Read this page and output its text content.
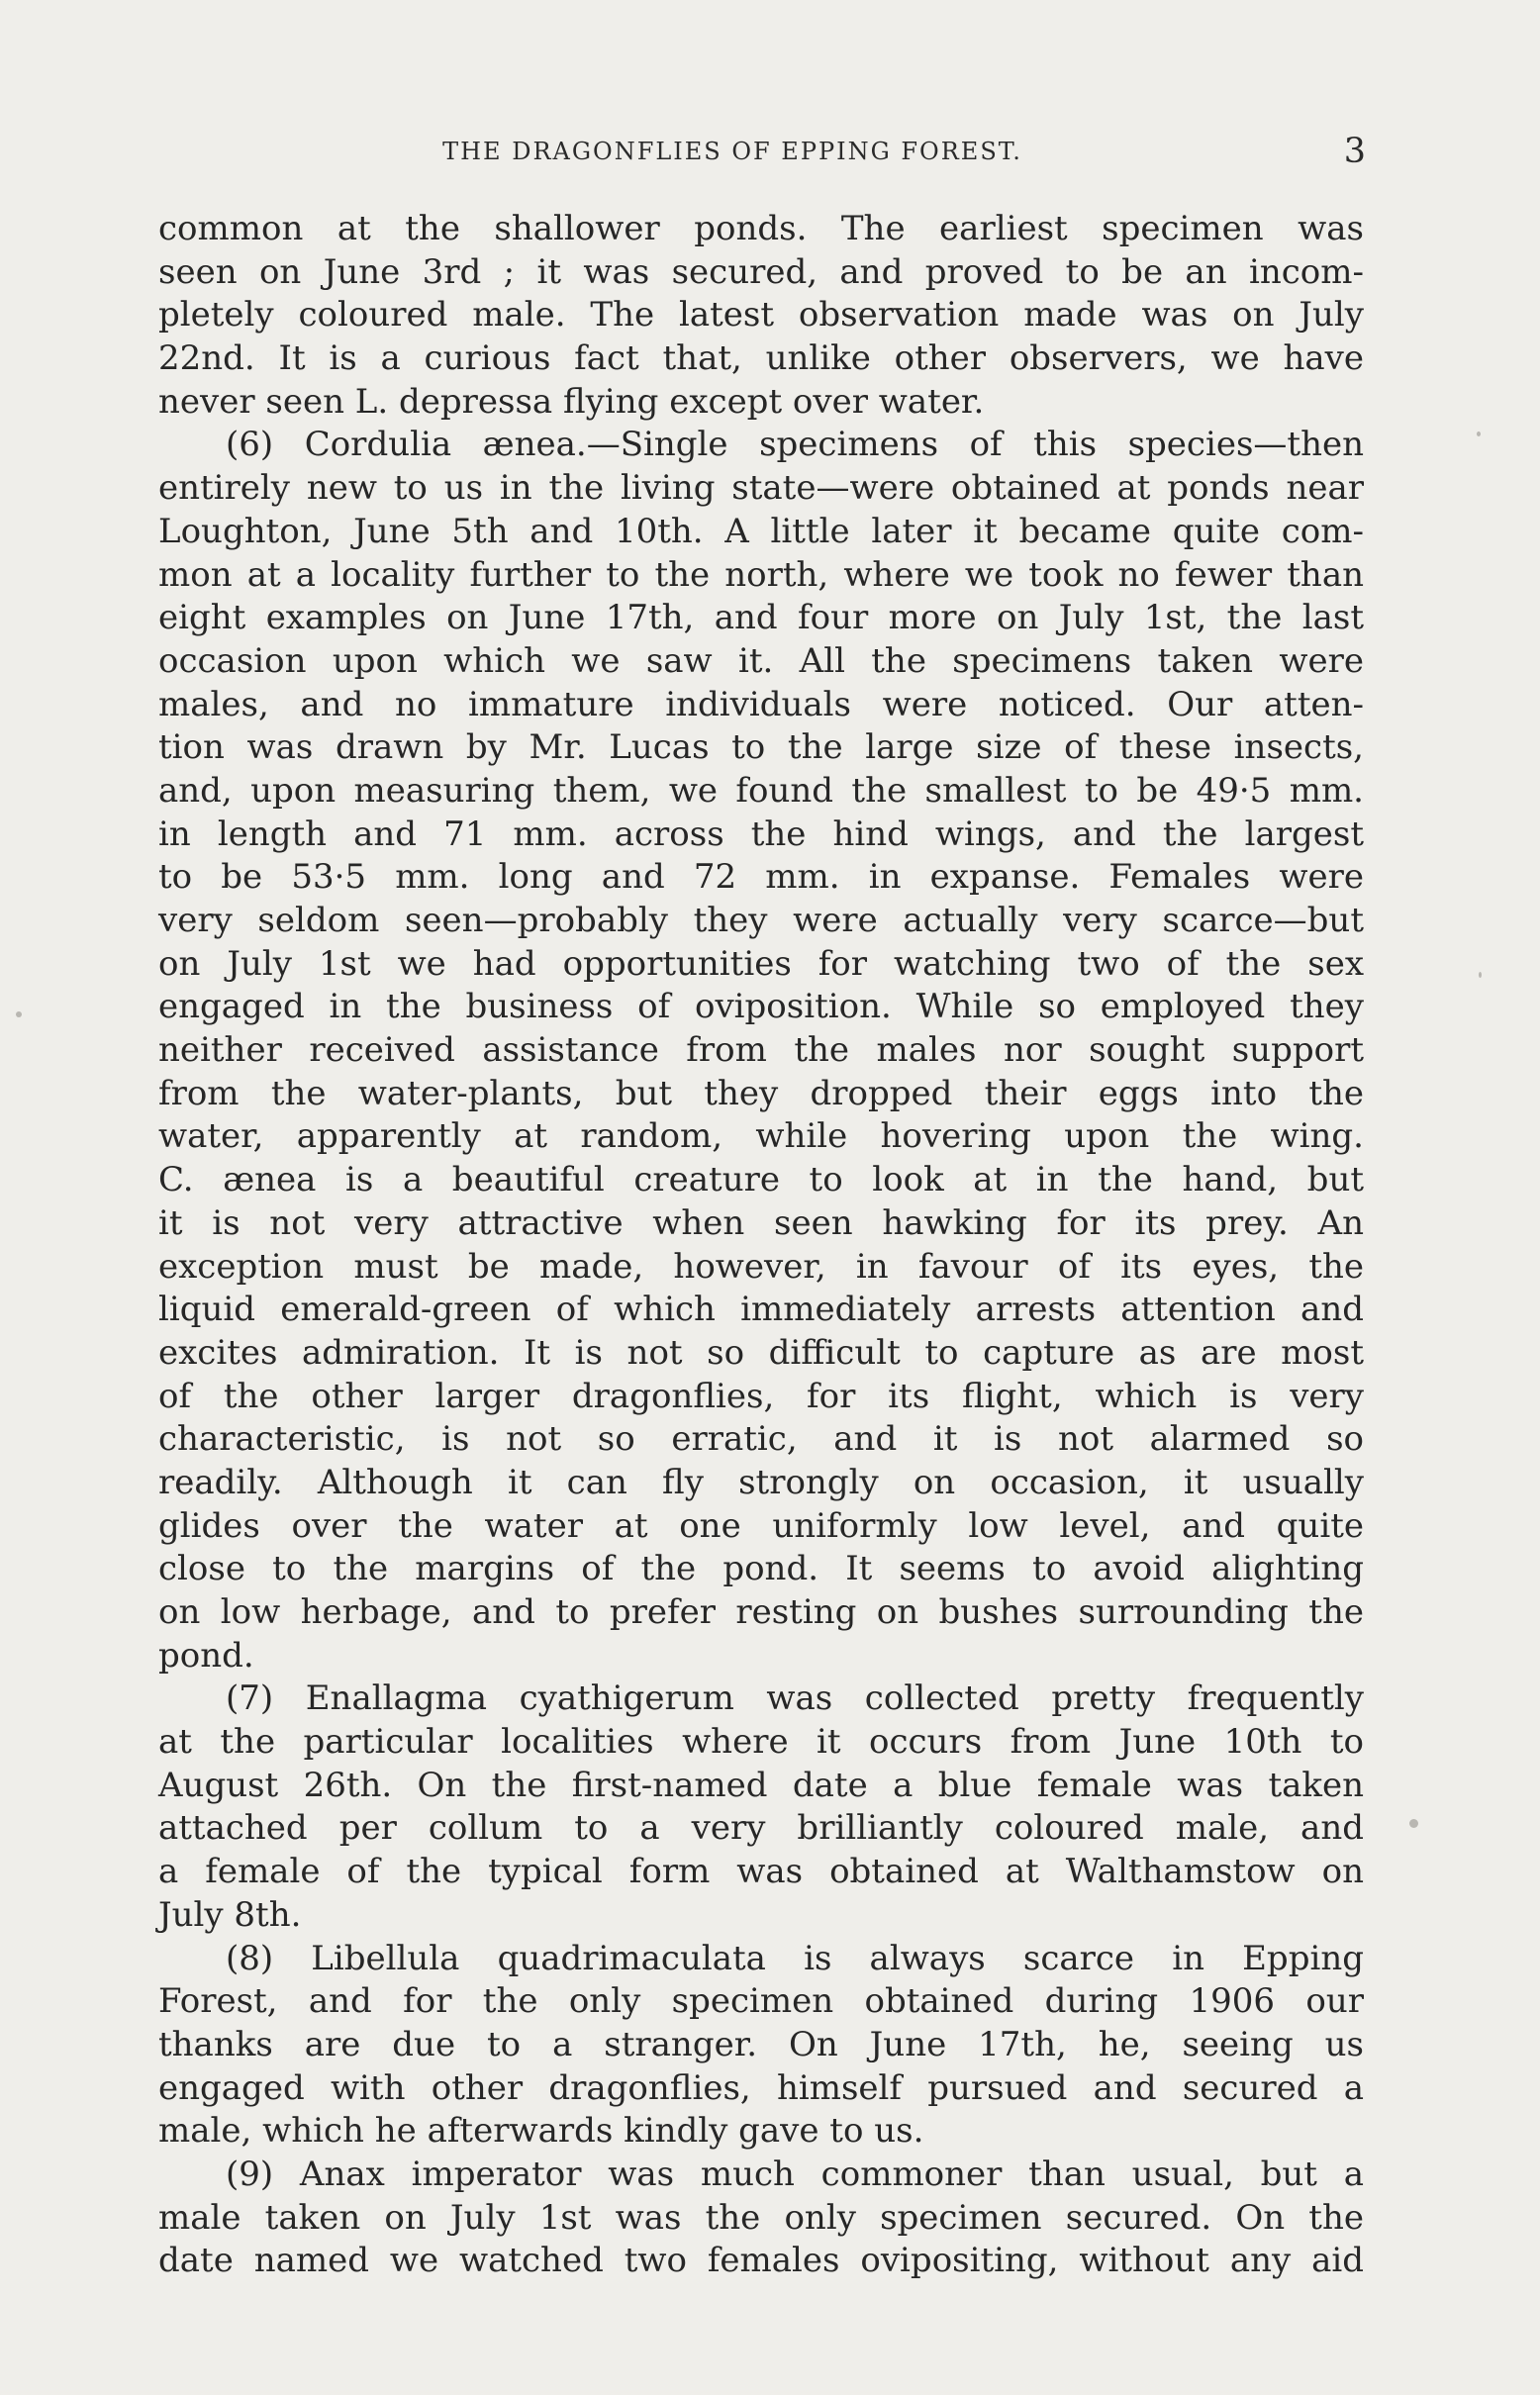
THE DRAGONFLIES OF EPPING FOREST.	3
common at the shallower ponds. The earliest specimen was
seen on June 3rd ; it was secured, and proved to be an incom-
pletely coloured male. The latest observation made was on July
22nd. It is a curious fact that, unlike other observers, we have
never seen L. depressa flying except over water.
(6) Cordulia ænea.—Single specimens of this species—then
entirely new to us in the living state—were obtained at ponds near
Loughton, June 5th and 10th. A little later it became quite com-
mon at a locality further to the north, where we took no fewer than
eight examples on June 17th, and four more on July 1st, the last
occasion upon which we saw it. All the specimens taken were
males, and no immature individuals were noticed. Our atten-
tion was drawn by Mr. Lucas to the large size of these insects,
and, upon measuring them, we found the smallest to be 49·5 mm.
in length and 71 mm. across the hind wings, and the largest
to be 53·5 mm. long and 72 mm. in expanse. Females were
very seldom seen—probably they were actually very scarce—but
on July 1st we had opportunities for watching two of the sex
engaged in the business of oviposition. While so employed they
neither received assistance from the males nor sought support
from the water-plants, but they dropped their eggs into the
water, apparently at random, while hovering upon the wing.
C. ænea is a beautiful creature to look at in the hand, but
it is not very attractive when seen hawking for its prey. An
exception must be made, however, in favour of its eyes, the
liquid emerald-green of which immediately arrests attention and
excites admiration. It is not so difficult to capture as are most
of the other larger dragonflies, for its flight, which is very
characteristic, is not so erratic, and it is not alarmed so
readily. Although it can fly strongly on occasion, it usually
glides over the water at one uniformly low level, and quite
close to the margins of the pond. It seems to avoid alighting
on low herbage, and to prefer resting on bushes surrounding the
pond.
(7) Enallagma cyathigerum was collected pretty frequently
at the particular localities where it occurs from June 10th to
August 26th. On the first-named date a blue female was taken
attached per collum to a very brilliantly coloured male, and
a female of the typical form was obtained at Walthamstow on
July 8th.
(8) Libellula quadrimaculata is always scarce in Epping
Forest, and for the only specimen obtained during 1906 our
thanks are due to a stranger. On June 17th, he, seeing us
engaged with other dragonflies, himself pursued and secured a
male, which he afterwards kindly gave to us.
(9) Anax imperator was much commoner than usual, but a
male taken on July 1st was the only specimen secured. On the
date named we watched two females ovipositing, without any aid
